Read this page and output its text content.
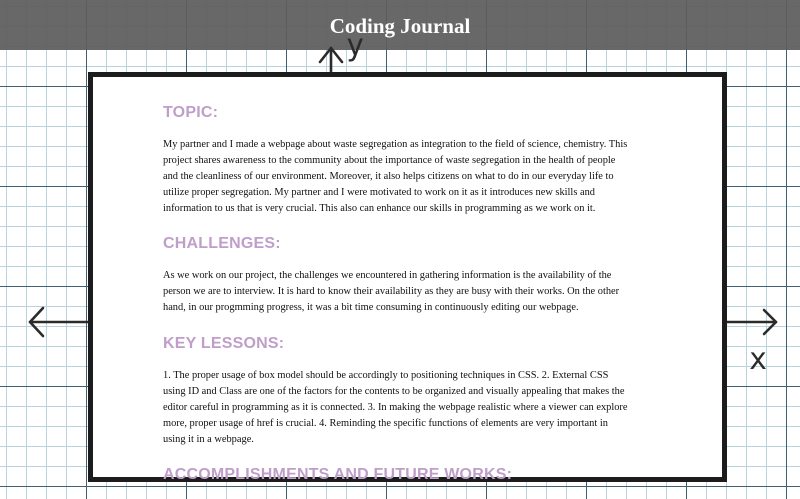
y
x
Coding Journal
TOPIC:

My partner and I made a webpage about waste segregation as integration to the field of science, chemistry. This project shares awareness to the community about the importance of waste segregation in the health of people and the cleanliness of our environment. Moreover, it also helps citizens on what to do in our everyday life to utilize proper segregation. My partner and I were motivated to work on it as it introduces new skills and information to us that is very crucial. This also can enhance our skills in programming as we work on it.

CHALLENGES:

As we work on our project, the challenges we encountered in gathering information is the availability of the person we are to interview. It is hard to know their availability as they are busy with their works. On the other hand, in our progmming progress, it was a bit time consuming in continuously editing our webpage.

KEY LESSONS:

1. The proper usage of box model should be accordingly to positioning techniques in CSS. 2. External CSS using ID and Class are one of the factors for the contents to be organized and visually appealing that makes the editor careful in programming as it is connected. 3. In making the webpage realistic where a viewer can explore more, proper usage of href is crucial. 4. Reminding the specific functions of elements are very important in using it in a webpage.

ACCOMPLISHMENTS AND FUTURE WORKS:
